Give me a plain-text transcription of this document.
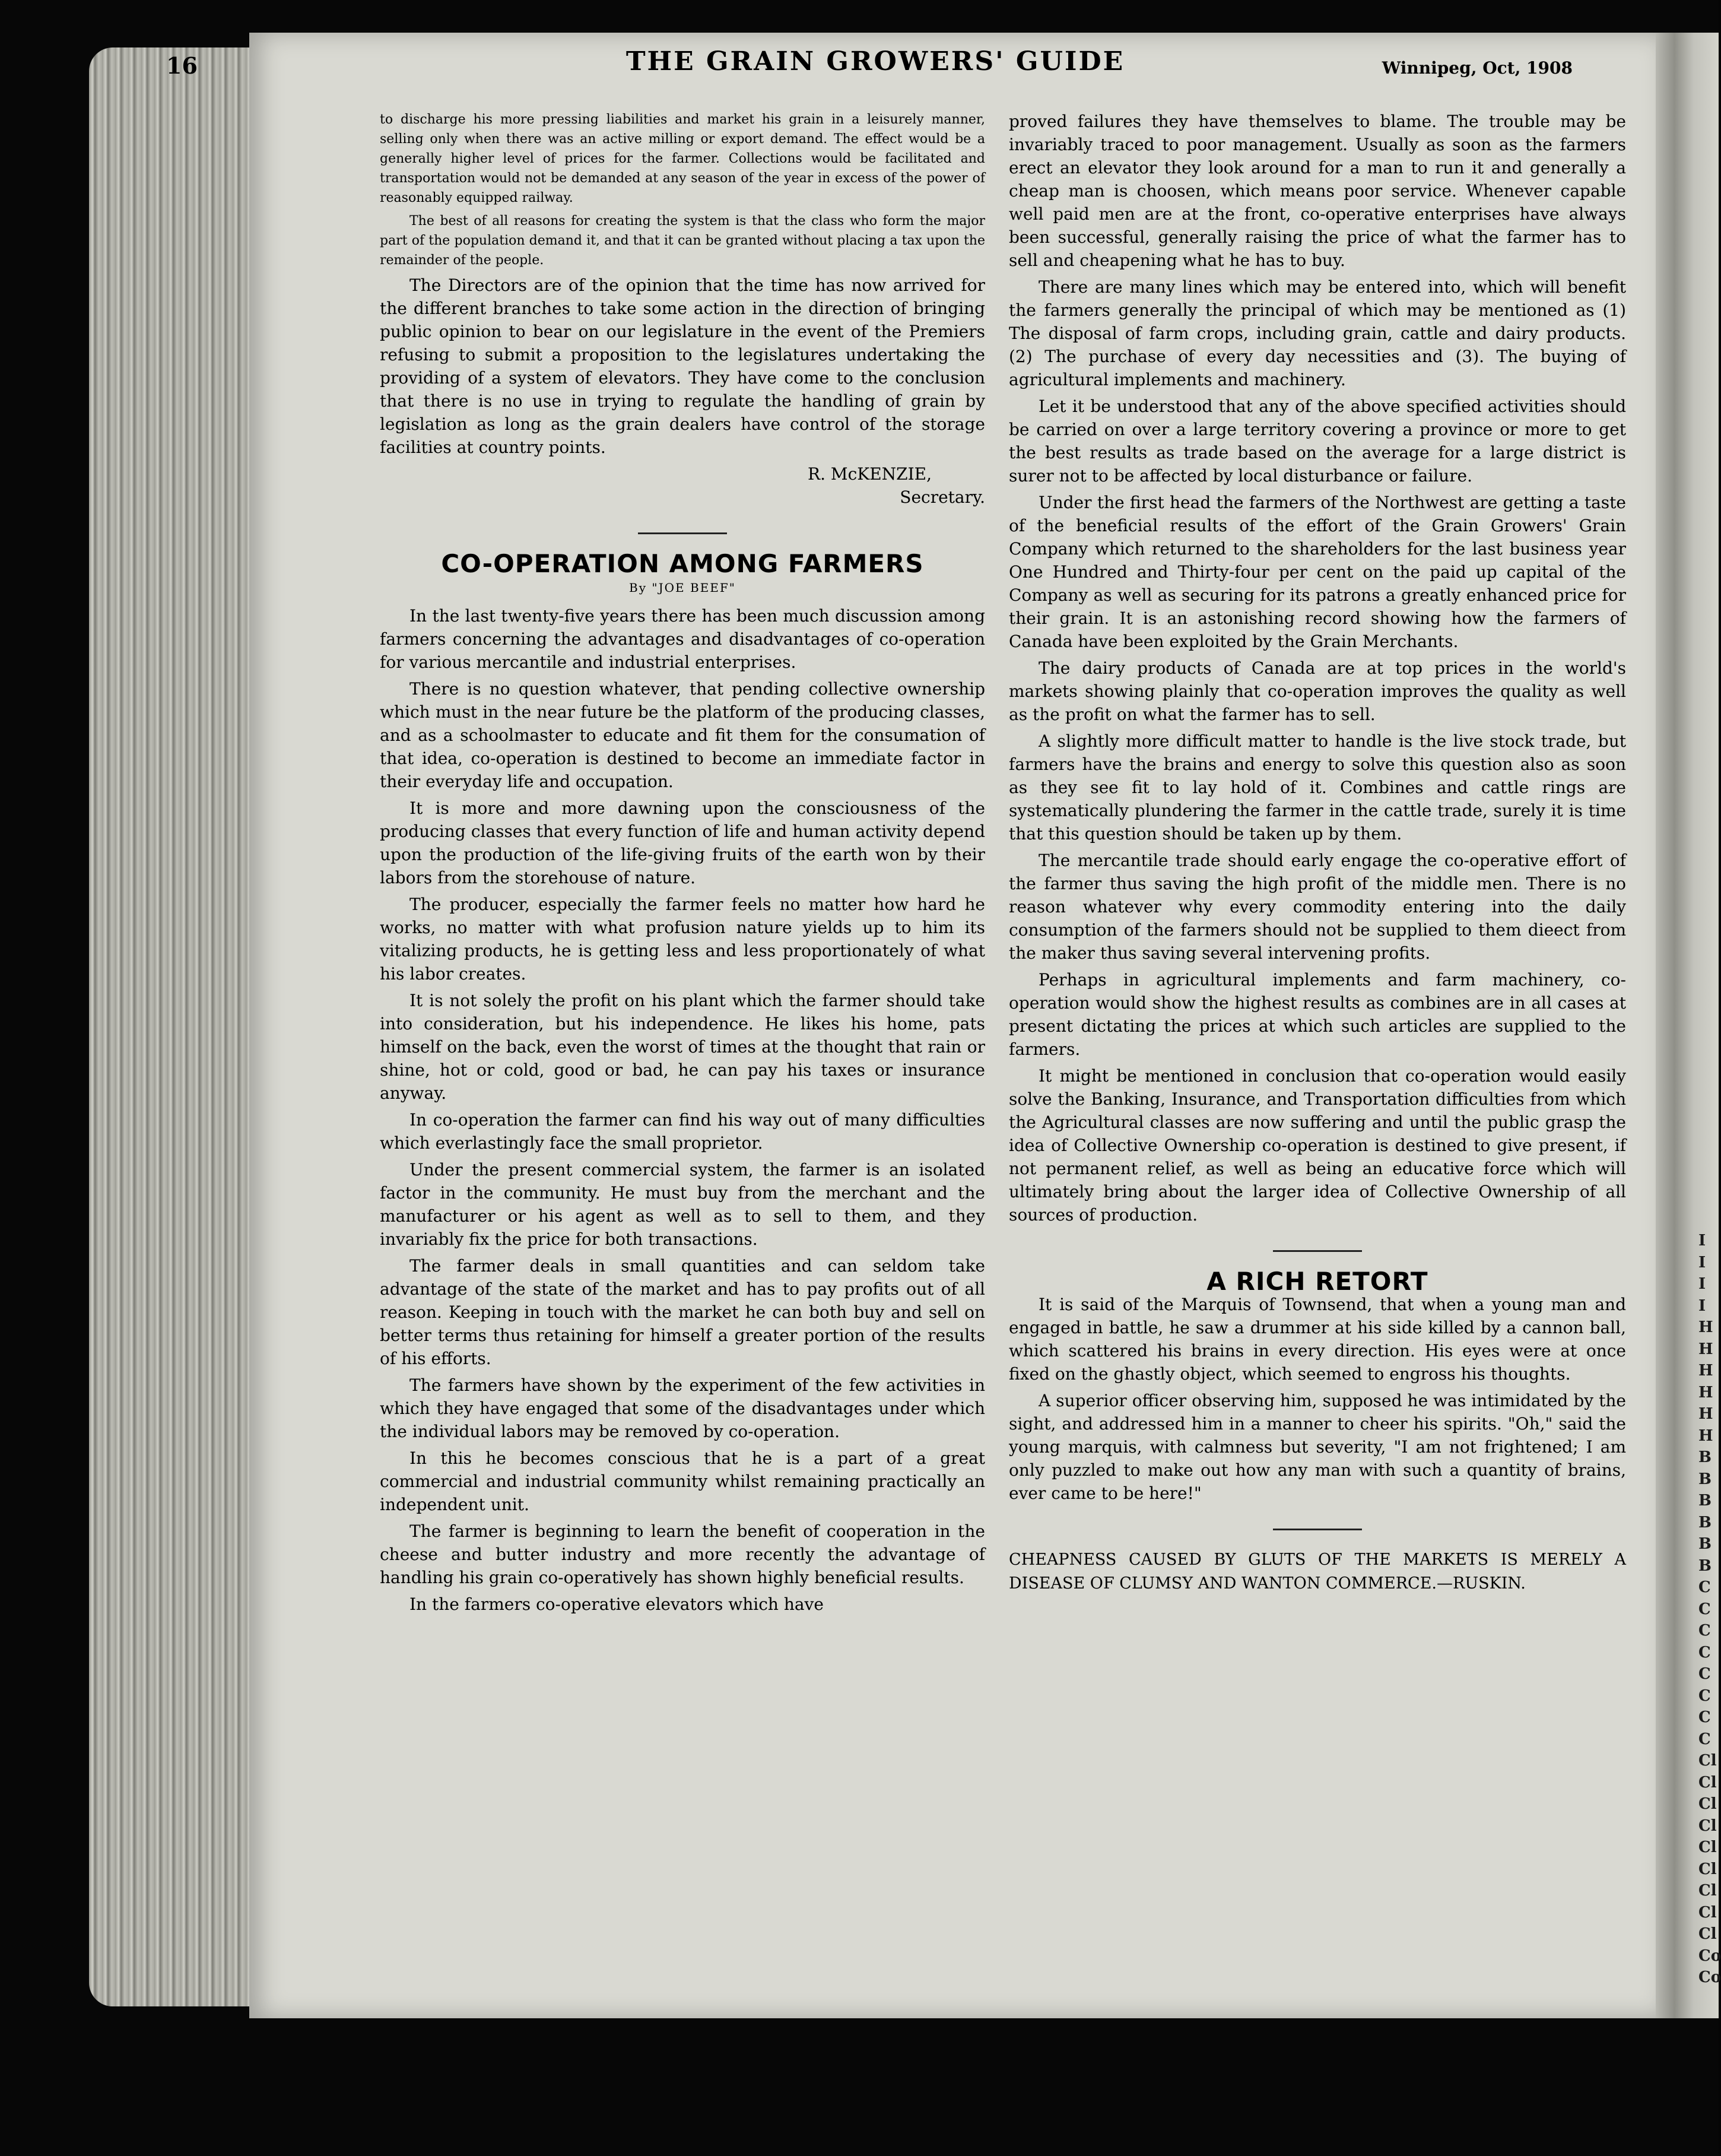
I
I
I
I
H
H
H
H
H
H
B
B
B
B
B
B
C
C
C
C
C
C
C
C
Cl
Cl
Cl
Cl
Cl
Cl
Cl
Cl
Cl
Co
Co
16	THE GRAIN GROWERS' GUIDE	Winnipeg, Oct, 1908

to discharge his more pressing liabilities and market his grain in a leisurely manner, selling only when there was an active milling or export demand. The effect would be a generally higher level of prices for the farmer. Collections would be facilitated and transportation would not be demanded at any season of the year in excess of the power of reasonably equipped railway.

The best of all reasons for creating the system is that the class who form the major part of the population demand it, and that it can be granted without placing a tax upon the remainder of the people.

The Directors are of the opinion that the time has now arrived for the different branches to take some action in the direction of bringing public opinion to bear on our legislature in the event of the Premiers refusing to submit a proposition to the legislatures undertaking the providing of a system of elevators. They have come to the conclusion that there is no use in trying to regulate the handling of grain by legislation as long as the grain dealers have control of the storage facilities at country points.

R. McKENZIE,
Secretary.
CO-OPERATION AMONG FARMERS
By "JOE BEEF"

In the last twenty-five years there has been much discussion among farmers concerning the advantages and disadvantages of co-operation for various mercantile and industrial enterprises.

There is no question whatever, that pending collective ownership which must in the near future be the platform of the producing classes, and as a schoolmaster to educate and fit them for the consumation of that idea, co-operation is destined to become an immediate factor in their everyday life and occupation.

It is more and more dawning upon the consciousness of the producing classes that every function of life and human activity depend upon the production of the life-giving fruits of the earth won by their labors from the storehouse of nature.

The producer, especially the farmer feels no matter how hard he works, no matter with what profusion nature yields up to him its vitalizing products, he is getting less and less proportionately of what his labor creates.

It is not solely the profit on his plant which the farmer should take into consideration, but his independence. He likes his home, pats himself on the back, even the worst of times at the thought that rain or shine, hot or cold, good or bad, he can pay his taxes or insurance anyway.

In co-operation the farmer can find his way out of many difficulties which everlastingly face the small proprietor.

Under the present commercial system, the farmer is an isolated factor in the community. He must buy from the merchant and the manufacturer or his agent as well as to sell to them, and they invariably fix the price for both transactions.

The farmer deals in small quantities and can seldom take advantage of the state of the market and has to pay profits out of all reason. Keeping in touch with the market he can both buy and sell on better terms thus retaining for himself a greater portion of the results of his efforts.

The farmers have shown by the experiment of the few activities in which they have engaged that some of the disadvantages under which the individual labors may be removed by co-operation.

In this he becomes conscious that he is a part of a great commercial and industrial community whilst remaining practically an independent unit.

The farmer is beginning to learn the benefit of cooperation in the cheese and butter industry and more recently the advantage of handling his grain co-operatively has shown highly beneficial results.

In the farmers co-operative elevators which have

proved failures they have themselves to blame. The trouble may be invariably traced to poor management. Usually as soon as the farmers erect an elevator they look around for a man to run it and generally a cheap man is choosen, which means poor service. Whenever capable well paid men are at the front, co-operative enterprises have always been successful, generally raising the price of what the farmer has to sell and cheapening what he has to buy.

There are many lines which may be entered into, which will benefit the farmers generally the principal of which may be mentioned as (1) The disposal of farm crops, including grain, cattle and dairy products. (2) The purchase of every day necessities and (3). The buying of agricultural implements and machinery.

Let it be understood that any of the above specified activities should be carried on over a large territory covering a province or more to get the best results as trade based on the average for a large district is surer not to be affected by local disturbance or failure.

Under the first head the farmers of the Northwest are getting a taste of the beneficial results of the effort of the Grain Growers' Grain Company which returned to the shareholders for the last business year One Hundred and Thirty-four per cent on the paid up capital of the Company as well as securing for its patrons a greatly enhanced price for their grain. It is an astonishing record showing how the farmers of Canada have been exploited by the Grain Merchants.

The dairy products of Canada are at top prices in the world's markets showing plainly that co-operation improves the quality as well as the profit on what the farmer has to sell.

A slightly more difficult matter to handle is the live stock trade, but farmers have the brains and energy to solve this question also as soon as they see fit to lay hold of it. Combines and cattle rings are systematically plundering the farmer in the cattle trade, surely it is time that this question should be taken up by them.

The mercantile trade should early engage the co-operative effort of the farmer thus saving the high profit of the middle men. There is no reason whatever why every commodity entering into the daily consumption of the farmers should not be supplied to them dieect from the maker thus saving several intervening profits.

Perhaps in agricultural implements and farm machinery, co-operation would show the highest results as combines are in all cases at present dictating the prices at which such articles are supplied to the farmers.

It might be mentioned in conclusion that co-operation would easily solve the Banking, Insurance, and Transportation difficulties from which the Agricultural classes are now suffering and until the public grasp the idea of Collective Ownership co-operation is destined to give present, if not permanent relief, as well as being an educative force which will ultimately bring about the larger idea of Collective Ownership of all sources of production.

A RICH RETORT

It is said of the Marquis of Townsend, that when a young man and engaged in battle, he saw a drummer at his side killed by a cannon ball, which scattered his brains in every direction. His eyes were at once fixed on the ghastly object, which seemed to engross his thoughts.

A superior officer observing him, supposed he was intimidated by the sight, and addressed him in a manner to cheer his spirits. "Oh," said the young marquis, with calmness but severity, "I am not frightened; I am only puzzled to make out how any man with such a quantity of brains, ever came to be here!"

CHEAPNESS CAUSED BY GLUTS OF THE MARKETS IS MERELY A DISEASE OF CLUMSY AND WANTON COMMERCE.—RUSKIN.
